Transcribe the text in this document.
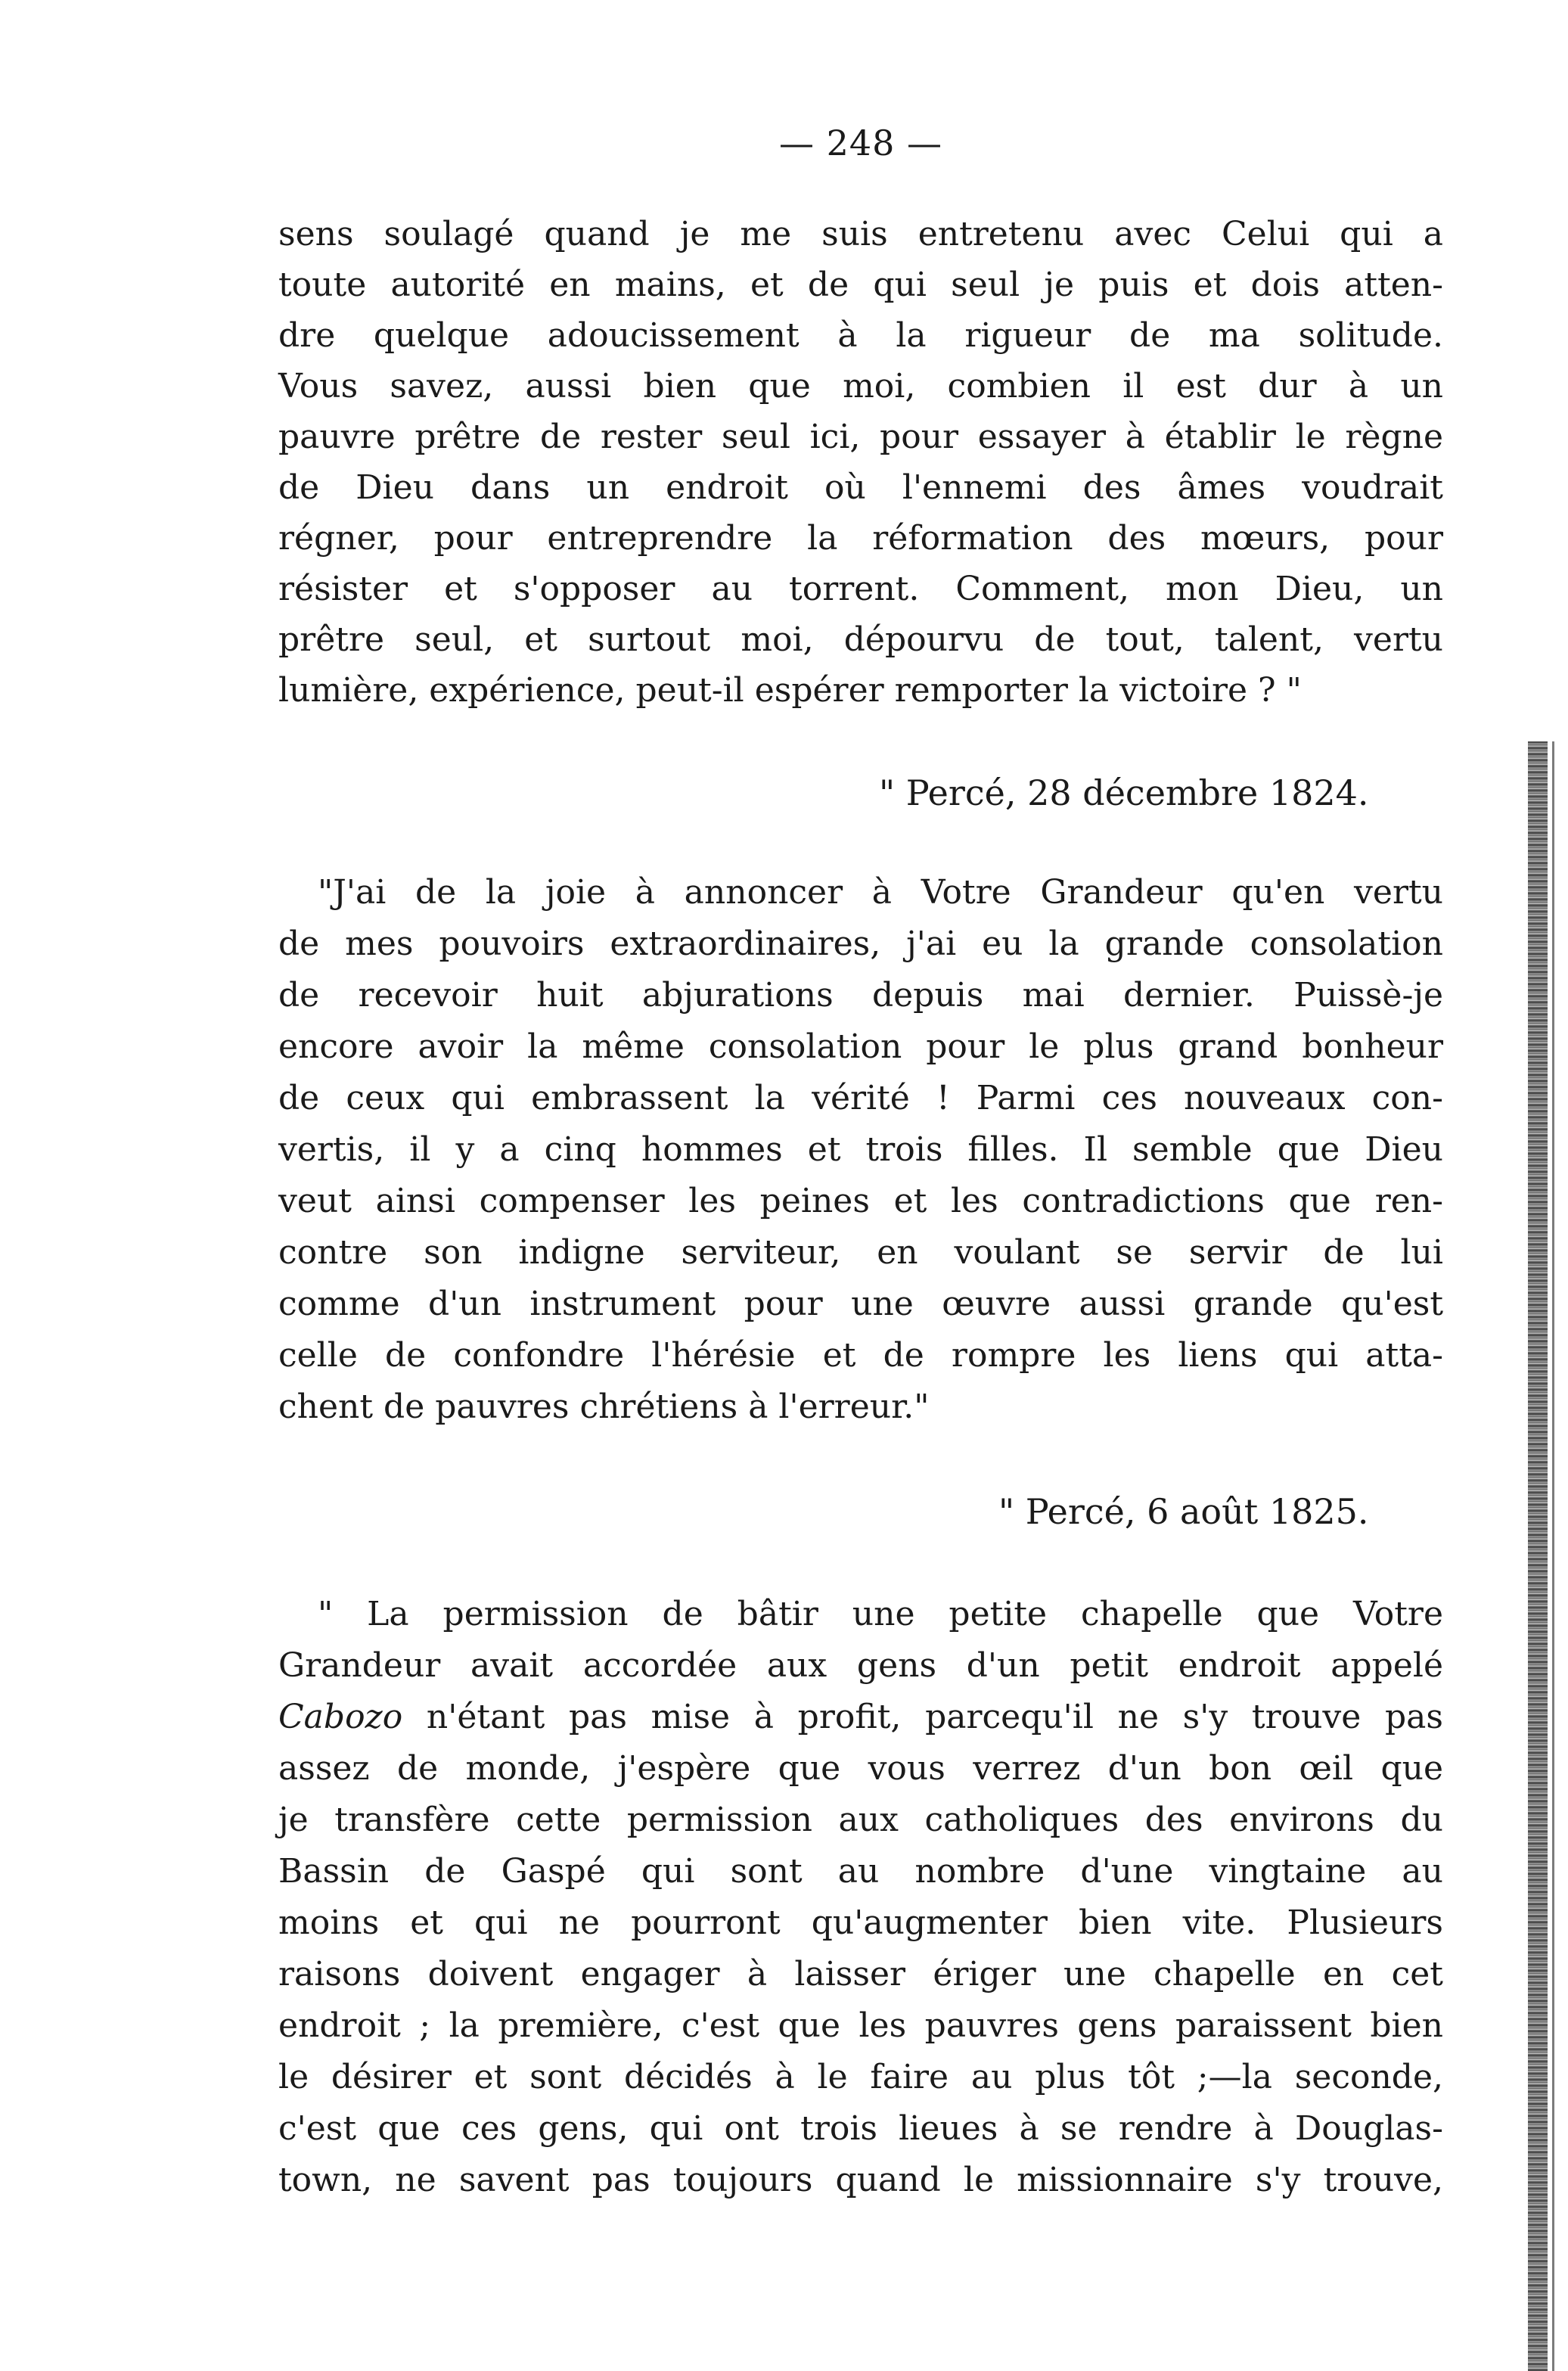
— 248 —
sens soulagé quand je me suis entretenu avec Celui qui a
toute autorité en mains, et de qui seul je puis et dois atten-
dre quelque adoucissement à la rigueur de ma solitude.
Vous savez, aussi bien que moi, combien il est dur à un
pauvre prêtre de rester seul ici, pour essayer à établir le règne
de Dieu dans un endroit où l'ennemi des âmes voudrait
régner, pour entreprendre la réformation des mœurs, pour
résister et s'opposer au torrent. Comment, mon Dieu, un
prêtre seul, et surtout moi, dépourvu de tout, talent, vertu
lumière, expérience, peut-il espérer remporter la victoire ? "
" Percé, 28 décembre 1824.
"J'ai de la joie à annoncer à Votre Grandeur qu'en vertu
de mes pouvoirs extraordinaires, j'ai eu la grande consolation
de recevoir huit abjurations depuis mai dernier. Puissè-je
encore avoir la même consolation pour le plus grand bonheur
de ceux qui embrassent la vérité ! Parmi ces nouveaux con-
vertis, il y a cinq hommes et trois filles. Il semble que Dieu
veut ainsi compenser les peines et les contradictions que ren-
contre son indigne serviteur, en voulant se servir de lui
comme d'un instrument pour une œuvre aussi grande qu'est
celle de confondre l'hérésie et de rompre les liens qui atta-
chent de pauvres chrétiens à l'erreur."
" Percé, 6 août 1825.
" La permission de bâtir une petite chapelle que Votre
Grandeur avait accordée aux gens d'un petit endroit appelé
Cabozo n'étant pas mise à profit, parcequ'il ne s'y trouve pas
assez de monde, j'espère que vous verrez d'un bon œil que
je transfère cette permission aux catholiques des environs du
Bassin de Gaspé qui sont au nombre d'une vingtaine au
moins et qui ne pourront qu'augmenter bien vite. Plusieurs
raisons doivent engager à laisser ériger une chapelle en cet
endroit ; la première, c'est que les pauvres gens paraissent bien
le désirer et sont décidés à le faire au plus tôt ;—la seconde,
c'est que ces gens, qui ont trois lieues à se rendre à Douglas-
town, ne savent pas toujours quand le missionnaire s'y trouve,
